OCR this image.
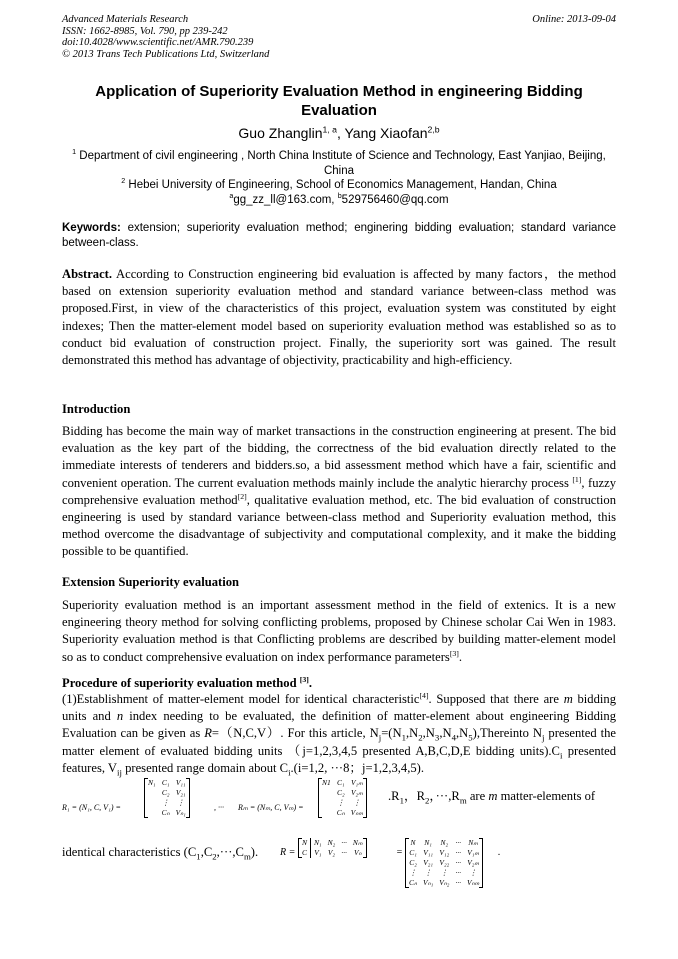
Advanced Materials Research
ISSN: 1662-8985, Vol. 790, pp 239-242
doi:10.4028/www.scientific.net/AMR.790.239
© 2013 Trans Tech Publications Ltd, Switzerland
Online: 2013-09-04
Application of Superiority Evaluation Method in engineering Bidding Evaluation
Guo Zhanglin$^{1, a}$, Yang Xiaofan$^{2,b}$
$^1$ Department of civil engineering , North China Institute of Science and Technology, East Yanjiao, Beijing, China
$^2$ Hebei University of Engineering, School of Economics Management, Handan, China
$^a$gg_zz_ll@163.com, $^b$529756460@qq.com
Keywords: extension; superiority evaluation method; enginering bidding evaluation; standard variance between-class.
Abstract. According to Construction engineering bid evaluation is affected by many factors，the method based on extension superiority evaluation method and standard variance between-class method was proposed.First, in view of the characteristics of this project, evaluation system was constituted by eight indexes; Then the matter-element model based on superiority evaluation method was established so as to conduct bid evaluation of construction project. Finally, the superiority sort was gained. The result demonstrated this method has advantage of objectivity, practicability and high-efficiency.
Introduction
Bidding has become the main way of market transactions in the construction engineering at present. The bid evaluation as the key part of the bidding, the correctness of the bid evaluation directly related to the immediate interests of tenderers and bidders.so, a bid assessment method which have a fair, scientific and convenient operation. The current evaluation methods mainly include the analytic hierarchy process [1], fuzzy comprehensive evaluation method[2], qualitative evaluation method, etc. The bid evaluation of construction engineering is used by standard variance between-class method and Superiority evaluation method, this method overcome the disadvantage of subjectivity and computational complexity, and it make the bidding possible to be quantified.
Extension Superiority evaluation
Superiority evaluation method is an important assessment method in the field of extenics. It is a new engineering theory method for solving conflicting problems, proposed by Chinese scholar Cai Wen in 1983. Superiority evaluation method is that Conflicting problems are described by building matter-element model so as to conduct comprehensive evaluation on index performance parameters[3].
Procedure of superiority evaluation method [3].
(1)Establishment of matter-element model for identical characteristic[4]. Supposed that there are m bidding units and n index needing to be evaluated, the definition of matter-element about engineering Bidding Evaluation can be given as R=（N,C,V）. For this article, $N_j=(N_1,N_2,N_3,N_4,N_5),Thereinto$ $N_j$ presented the matter element of evaluated bidding units （j=1,2,3,4,5 presented A,B,C,D,E bidding $units).C_i$ presented features, $V_{ij}$ presented range domain about $C_i.(i=1,2$, ···8；j=1,2,3,4,5).
R₁ = (N₁, C, V₁) =
N₁	C₁	V₁₁
	C₂	V₂₁
	⋮	⋮
	Cₙ	Vₙ₁
, ··· Rₘ = (Nₘ, C, Vₘ) =
N1	C₁	V₁ₘ
	C₂	V₂ₘ
	⋮	⋮
	Cₙ	Vₙₘ
$.R_1$，$R_2$，$\cdot\cdot\cdot,R_m$ are m matter-elements of
identical characteristics $(C_1,C_2,\cdot\cdot\cdot,C_m)$. R =
N		N₁	N₂	···	Nₘ
C		V₁	V₂	···	Vₙ	=
N	N₁	N₂	···	Nₘ
C₁	V₁₁	V₁₂	···	V₁ₘ
C₂	V₂₁	V₂₂	···	V₂ₘ
⋮	⋮	⋮	···	⋮
Cₙ	Vₙ₁	Vₙ₂	···	Vₙₘ
.
